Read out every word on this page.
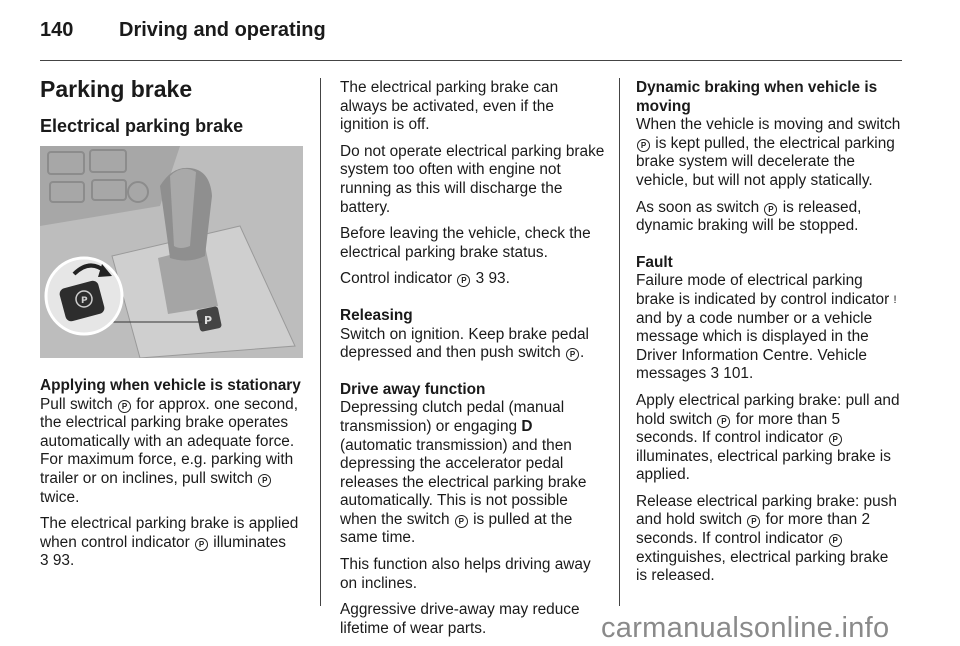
140 Driving and operating
Parking brake
Electrical parking brake
P
P
Applying when vehicle is stationary

Pull switch P for approx. one second, the electrical parking brake operates automatically with an adequate force. For maximum force, e.g. parking with trailer or on inclines, pull switch P twice.

The electrical parking brake is applied when control indicator P illuminates
3 93.

The electrical parking brake can always be activated, even if the ignition is off.

Do not operate electrical parking brake system too often with engine not running as this will discharge the battery.

Before leaving the vehicle, check the electrical parking brake status.

Control indicator P 3 93.

Releasing

Switch on ignition. Keep brake pedal depressed and then push switch P .

Drive away function

Depressing clutch pedal (manual transmission) or engaging D (automatic transmission) and then depressing the accelerator pedal releases the electrical parking brake automatically. This is not possible when the switch P is pulled at the same time.

This function also helps driving away on inclines.

Aggressive drive-away may reduce lifetime of wear parts.

Dynamic braking when vehicle is moving

When the vehicle is moving and switch P is kept pulled, the electrical parking brake system will decelerate the vehicle, but will not apply statically.

As soon as switch P is released, dynamic braking will be stopped.

Fault

Failure mode of electrical parking brake is indicated by control indicator ! and by a code number or a vehicle message which is displayed in the Driver Information Centre. Vehicle messages 3 101.

Apply electrical parking brake: pull and hold switch P for more than 5 seconds. If control indicator P illuminates, electrical parking brake is applied.

Release electrical parking brake: push and hold switch P for more than 2 seconds. If control indicator P extinguishes, electrical parking brake is released.

carmanualsonline.info
